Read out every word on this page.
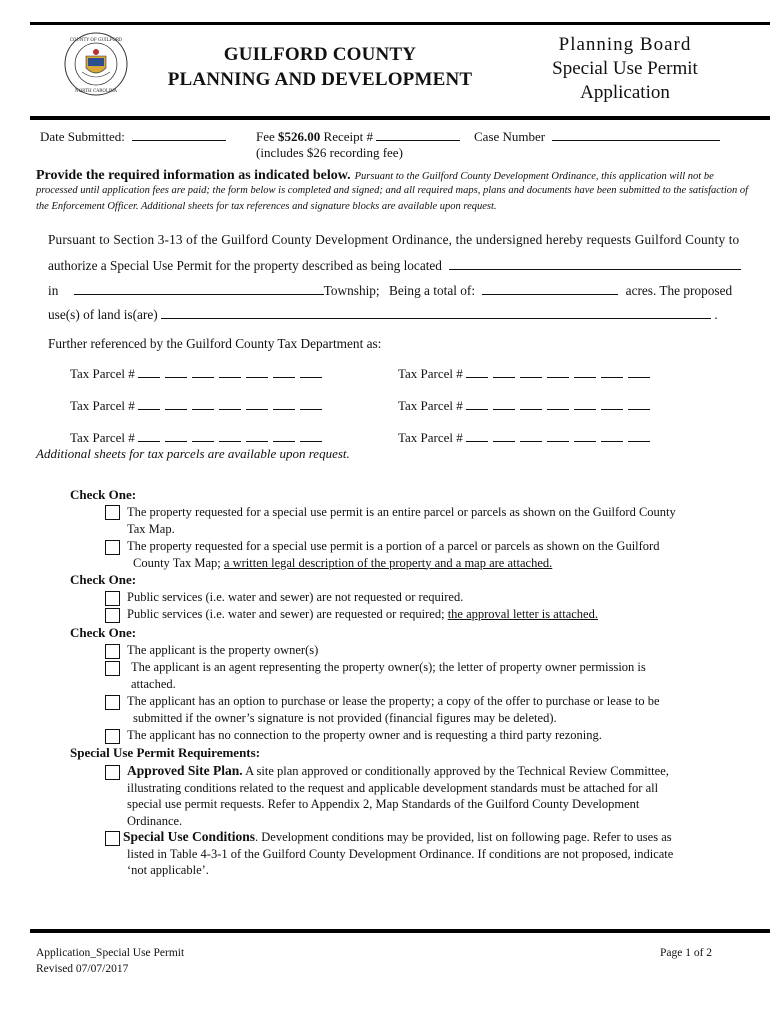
COUNTY OF GUILFORD
NORTH CAROLINA
GUILFORD COUNTY
PLANNING AND DEVELOPMENT
Planning Board
Special Use Permit
Application
Date Submitted:	Fee $526.00 Receipt #	Case Number
(includes $26 recording fee)
Provide the required information as indicated below. Pursuant to the Guilford County Development Ordinance, this application will not be
processed until application fees are paid; the form below is completed and signed; and all required maps, plans and documents have been submitted to the satisfaction of
the Enforcement Officer. Additional sheets for tax references and signature blocks are available upon request.
Pursuant to Section 3-13 of the Guilford County Development Ordinance, the undersigned hereby requests Guilford County to
authorize a Special Use Permit for the property described as being located
in	Township; Being a total of:	acres. The proposed
use(s) of land is(are)	.
Further referenced by the Guilford County Tax Department as:
Tax Parcel #	Tax Parcel #
Tax Parcel #	Tax Parcel #
Tax Parcel #	Tax Parcel #
Additional sheets for tax parcels are available upon request.
Check One:
The property requested for a special use permit is an entire parcel or parcels as shown on the Guilford County
Tax Map.
The property requested for a special use permit is a portion of a parcel or parcels as shown on the Guilford
County Tax Map; a written legal description of the property and a map are attached.
Check One:
Public services (i.e. water and sewer) are not requested or required.
Public services (i.e. water and sewer) are requested or required; the approval letter is attached.
Check One:
The applicant is the property owner(s)
The applicant is an agent representing the property owner(s); the letter of property owner permission is
attached.
The applicant has an option to purchase or lease the property; a copy of the offer to purchase or lease to be
submitted if the owner’s signature is not provided (financial figures may be deleted).
The applicant has no connection to the property owner and is requesting a third party rezoning.
Special Use Permit Requirements:
Approved Site Plan. A site plan approved or conditionally approved by the Technical Review Committee,
illustrating conditions related to the request and applicable development standards must be attached for all
special use permit requests. Refer to Appendix 2, Map Standards of the Guilford County Development
Ordinance.
Special Use Conditions. Development conditions may be provided, list on following page. Refer to uses as
listed in Table 4-3-1 of the Guilford County Development Ordinance. If conditions are not proposed, indicate
‘not applicable’.
Application_Special Use Permit
Revised 07/07/2017
Page 1 of 2
